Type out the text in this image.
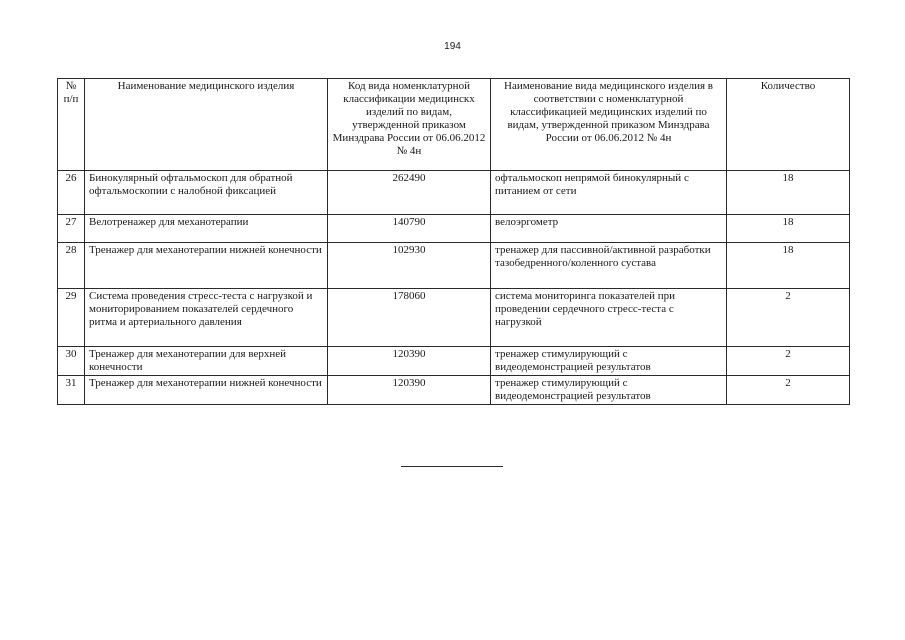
194
№ п/п	Наименование медицинского изделия	Код вида номенклатурной классификации медицинскх изделий по видам, утвержденной приказом Минздрава России от 06.06.2012 № 4н	Наименование вида медицинского изделия в соответствии с номенклатурной классификацией медицинских изделий по видам, утвержденной приказом Минздрава России от 06.06.2012 № 4н	Количество
26	Бинокулярный офтальмоскоп для обратной офтальмоскопии с налобной фиксацией	262490	офтальмоскоп непрямой бинокулярный с питанием от сети	18
27	Велотренажер для механотерапии	140790	велоэргометр	18
28	Тренажер для механотерапии нижней конечности	102930	тренажер для пассивной/активной разработки тазобедренного/коленного сустава	18
29	Система проведения стресс-теста с нагрузкой и мониторированием показателей сердечного ритма и артериального давления	178060	система мониторинга показателей при проведении сердечного стресс-теста с нагрузкой	2
30	Тренажер для механотерапии для верхней конечности	120390	тренажер стимулирующий с видеодемонстрацией результатов	2
31	Тренажер для механотерапии нижней конечности	120390	тренажер стимулирующий с видеодемонстрацией результатов	2
